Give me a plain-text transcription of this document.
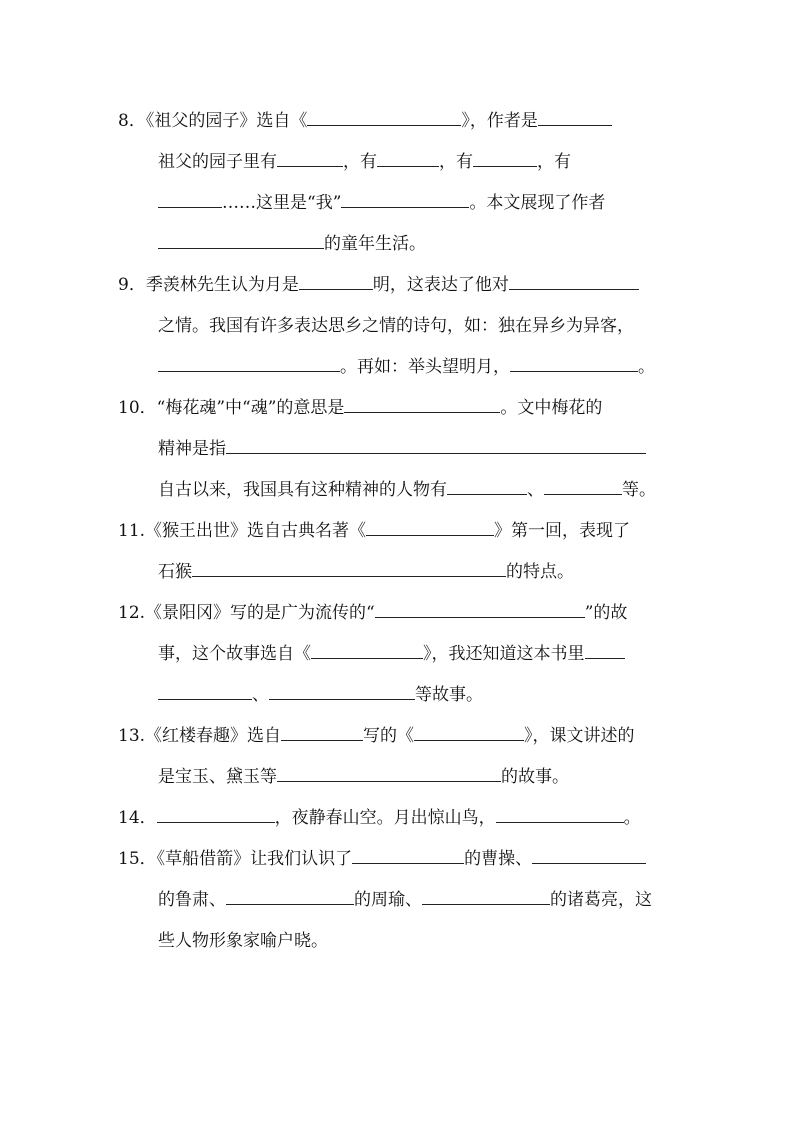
8．《祖父的园子》选自《	》，作者是
祖父的园子里有	，有	，有	，有
……这里是“我”	。本文展现了作者
的童年生活。
9．季羡林先生认为月是	明，这表达了他对
之情。我国有许多表达思乡之情的诗句，如：独在异乡为异客，
。再如：举头望明月，	。
10．“梅花魂”中“魂”的意思是	。文中梅花的
精神是指
自古以来，我国具有这种精神的人物有	、	等。
11.《猴王出世》选自古典名著《	》第一回，表现了
石猴	的特点。
12.《景阳冈》写的是广为流传的“	”的故
事，这个故事选自《	》，我还知道这本书里
、	等故事。
13.《红楼春趣》选自	写的《	》，课文讲述的
是宝玉、黛玉等	的故事。
14．	，夜静春山空。月出惊山鸟，	。
15．《草船借箭》让我们认识了	的曹操、
的鲁肃、	的周瑜、	的诸葛亮，这
些人物形象家喻户晓。
